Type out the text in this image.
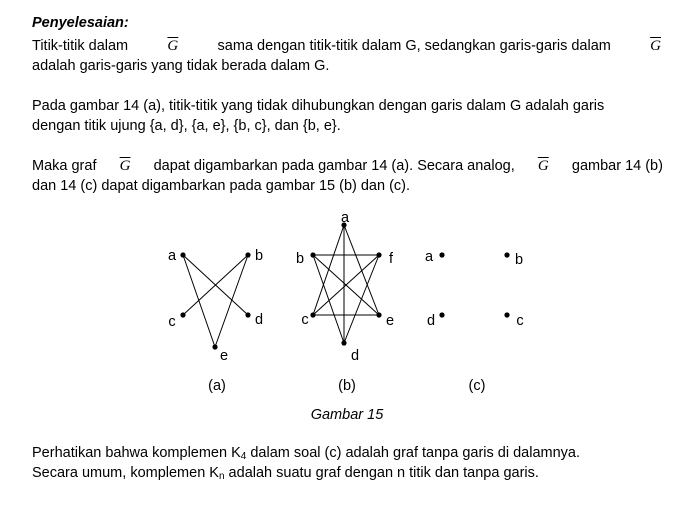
Penyelesaian:
Titik-titik dalam	$\overline{G}$	sama dengan titik-titik dalam G, sedangkan garis-garis dalam	$\overline{G}$
adalah garis-garis yang tidak berada dalam G.
Pada gambar 14 (a), titik-titik yang tidak dihubungkan dengan garis dalam G adalah garis
dengan titik ujung {a, d}, {a, e}, {b, c}, dan {b, e}.
Maka graf $\overline{G}$ dapat digambarkan pada gambar 14 (a). Secara analog, $\overline{G}$ gambar 14 (b)
dan 14 (c) dapat digambarkan pada gambar 15 (b) dan (c).
a	b
c	d
e
a
b
c
d
e
f a	b
c
d
(a)	(b)	(c)
Gambar 15
Perhatikan bahwa komplemen $K_4$ dalam soal (c) adalah graf tanpa garis di dalamnya.
Secara umum, komplemen $K_n$ adalah suatu graf dengan n titik dan tanpa garis.
